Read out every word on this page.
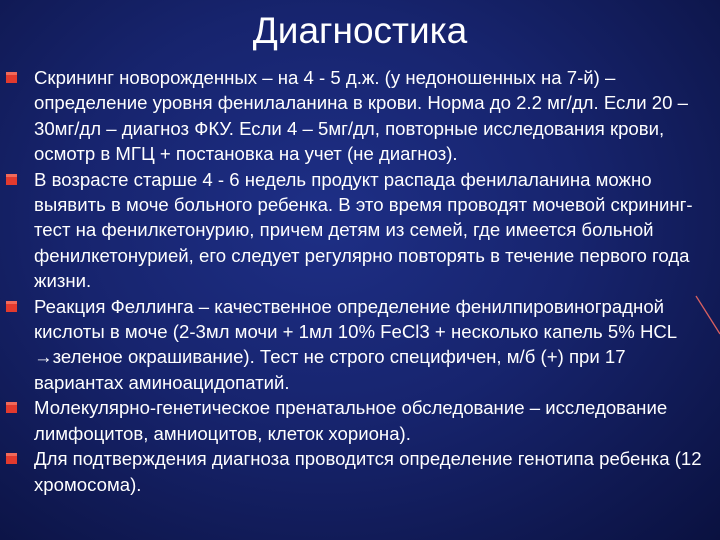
Диагностика
Скрининг новорожденных – на 4 - 5 д.ж. (у недоношенных на 7-й) – определение уровня фенилаланина в крови. Норма до 2.2 мг/дл. Если 20 – 30мг/дл – диагноз ФКУ. Если 4 – 5мг/дл, повторные исследования крови, осмотр в МГЦ + постановка на учет (не диагноз).
В возрасте старше 4 - 6 недель продукт распада фенилаланина можно выявить в моче больного ребенка. В это время проводят мочевой скрининг-тест на фенилкетонурию, причем детям из семей, где имеется больной фенилкетонурией, его следует регулярно повторять в течение первого года жизни.
Реакция Феллинга – качественное определение фенилпировиноградной кислоты в моче (2-3мл мочи + 1мл 10% FeCl3 + несколько капель 5% HCL →зеленое окрашивание). Тест не строго специфичен, м/б (+) при 17 вариантах аминоацидопатий.
Молекулярно-генетическое пренатальное обследование – исследование лимфоцитов, амниоцитов, клеток хориона).
Для подтверждения диагноза проводится определение генотипа ребенка (12 хромосома).
